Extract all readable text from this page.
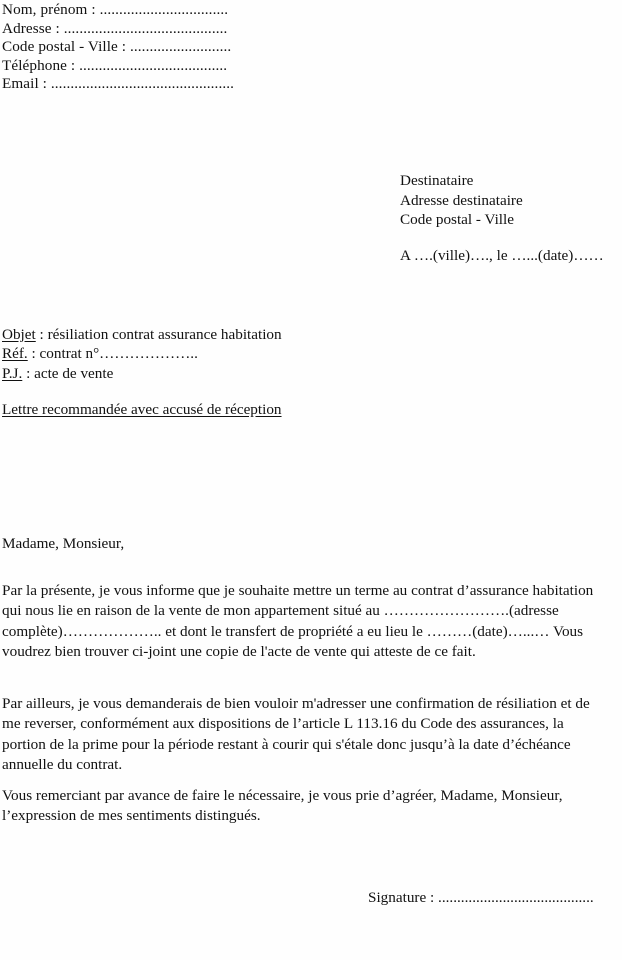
Nom, prénom : .................................
Adresse : ..........................................
Code postal - Ville : ..........................
Téléphone : ......................................
Email : ...............................................
Destinataire
Adresse destinataire
Code postal - Ville
A ….(ville)…., le …...(date)……
Objet : résiliation contrat assurance habitation
Réf. : contrat n°………………..
P.J. : acte de vente
Lettre recommandée avec accusé de réception
Madame, Monsieur,
Par la présente, je vous informe que je souhaite mettre un terme au contrat d’assurance habitation qui nous lie en raison de la vente de mon appartement situé au …………………….(adresse complète)……………….. et dont le transfert de propriété a eu lieu le ………(date)…...… Vous voudrez bien trouver ci-joint une copie de l'acte de vente qui atteste de ce fait.
Par ailleurs, je vous demanderais de bien vouloir m'adresser une confirmation de résiliation et de me reverser, conformément aux dispositions de l’article L 113.16 du Code des assurances, la portion de la prime pour la période restant à courir qui s'étale donc jusqu’à la date d’échéance annuelle du contrat.
Vous remerciant par avance de faire le nécessaire, je vous prie d’agréer, Madame, Monsieur, l’expression de mes sentiments distingués.
Signature : .........................................
